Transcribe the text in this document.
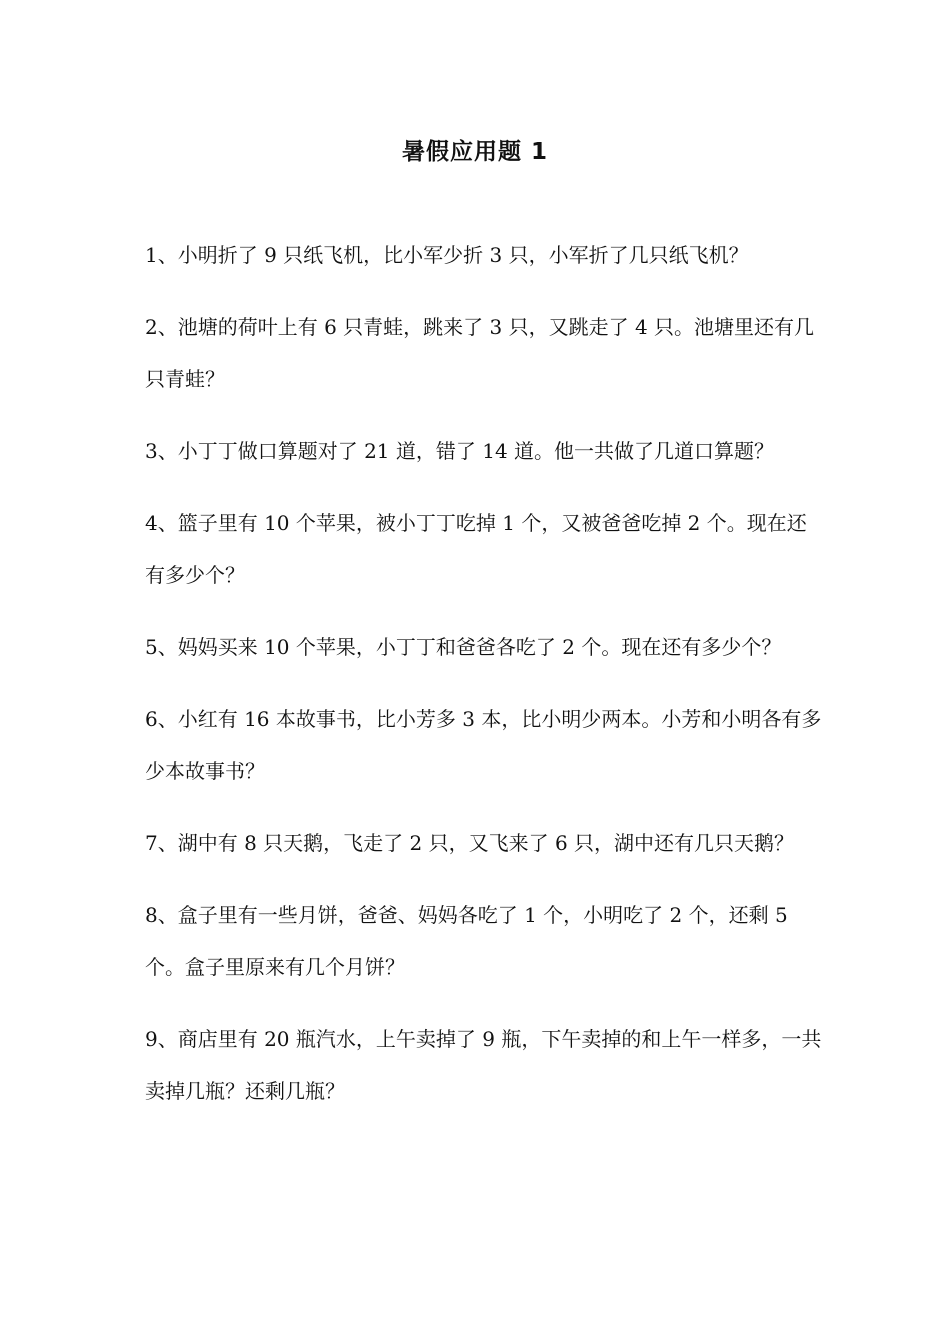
暑假应用题 1
1、小明折了 9 只纸飞机，比小军少折 3 只，小军折了几只纸飞机？
2、池塘的荷叶上有 6 只青蛙，跳来了 3 只，又跳走了 4 只。池塘里还有几只青蛙？
3、小丁丁做口算题对了 21 道，错了 14 道。他一共做了几道口算题？
4、篮子里有 10 个苹果，被小丁丁吃掉 1 个，又被爸爸吃掉 2 个。现在还有多少个？
5、妈妈买来 10 个苹果，小丁丁和爸爸各吃了 2 个。现在还有多少个？
6、小红有 16 本故事书，比小芳多 3 本，比小明少两本。小芳和小明各有多少本故事书？
7、湖中有 8 只天鹅，飞走了 2 只，又飞来了 6 只，湖中还有几只天鹅？
8、盒子里有一些月饼，爸爸、妈妈各吃了 1 个，小明吃了 2 个，还剩 5 个。盒子里原来有几个月饼？
9、商店里有 20 瓶汽水，上午卖掉了 9 瓶，下午卖掉的和上午一样多，一共卖掉几瓶？还剩几瓶？
